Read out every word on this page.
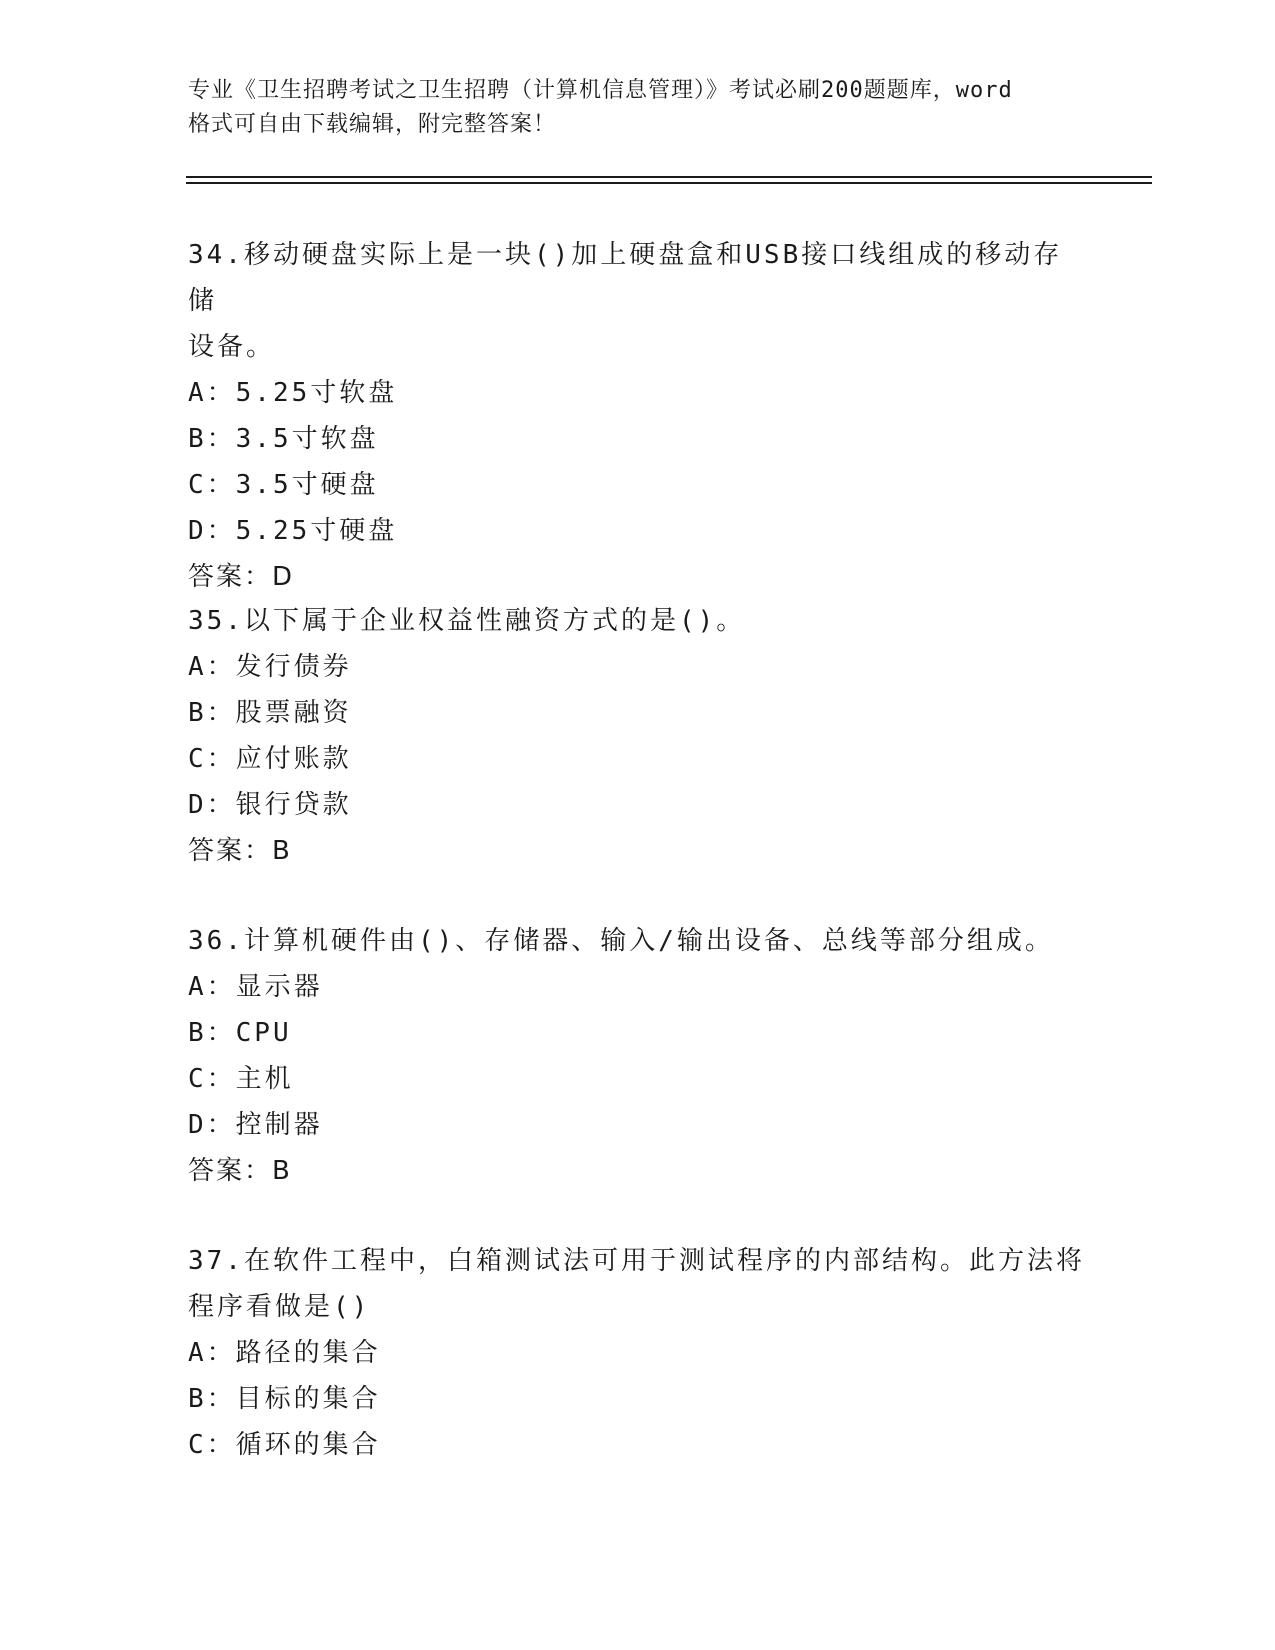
专业《卫生招聘考试之卫生招聘（计算机信息管理）》考试必刷200题题库，word
格式可自由下载编辑，附完整答案！

34.移动硬盘实际上是一块()加上硬盘盒和USB接口线组成的移动存储

设备。

A：5.25寸软盘

B：3.5寸软盘

C：3.5寸硬盘

D：5.25寸硬盘

答案：D

35.以下属于企业权益性融资方式的是()。

A：发行债券

B：股票融资

C：应付账款

D：银行贷款

答案：B

36.计算机硬件由()、存储器、输入/输出设备、总线等部分组成。

A：显示器

B：CPU

C：主机

D：控制器

答案：B

37.在软件工程中，白箱测试法可用于测试程序的内部结构。此方法将

程序看做是()

A：路径的集合

B：目标的集合

C：循环的集合
